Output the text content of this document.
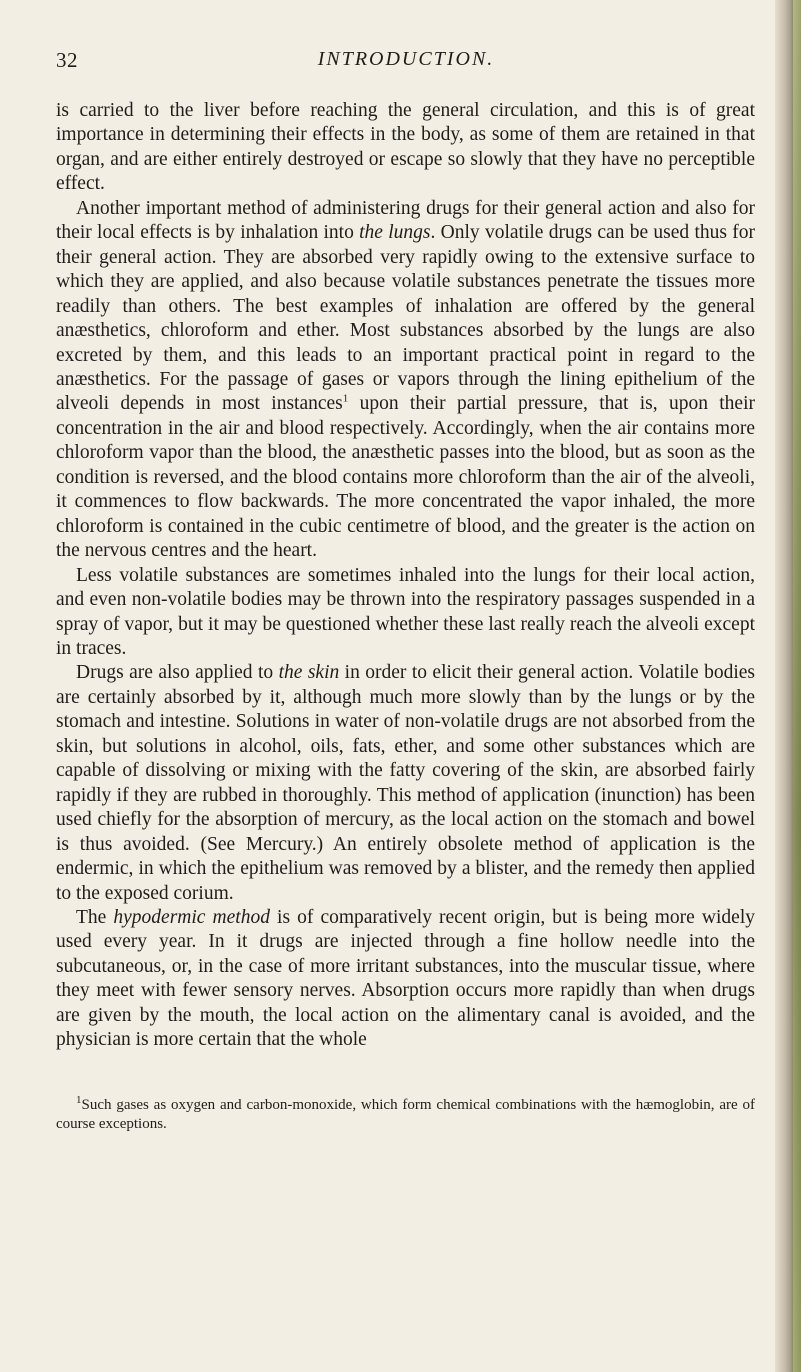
32	INTRODUCTION.

is carried to the liver before reaching the general circulation, and this is of great importance in determining their effects in the body, as some of them are retained in that organ, and are either entirely destroyed or escape so slowly that they have no perceptible effect.

Another important method of administering drugs for their general action and also for their local effects is by inhalation into the lungs. Only volatile drugs can be used thus for their general action. They are absorbed very rapidly owing to the extensive surface to which they are applied, and also because volatile substances penetrate the tissues more readily than others. The best examples of inhalation are offered by the general anæsthetics, chloroform and ether. Most substances absorbed by the lungs are also excreted by them, and this leads to an important practical point in regard to the anæsthetics. For the passage of gases or vapors through the lining epithelium of the alveoli depends in most instances$^1$ upon their partial pressure, that is, upon their concentration in the air and blood respectively. Accordingly, when the air contains more chloroform vapor than the blood, the anæsthetic passes into the blood, but as soon as the condition is reversed, and the blood contains more chloroform than the air of the alveoli, it commences to flow backwards. The more concentrated the vapor inhaled, the more chloroform is contained in the cubic centimetre of blood, and the greater is the action on the nervous centres and the heart.

Less volatile substances are sometimes inhaled into the lungs for their local action, and even non-volatile bodies may be thrown into the respiratory passages suspended in a spray of vapor, but it may be questioned whether these last really reach the alveoli except in traces.

Drugs are also applied to the skin in order to elicit their general action. Volatile bodies are certainly absorbed by it, although much more slowly than by the lungs or by the stomach and intestine. Solutions in water of non-volatile drugs are not absorbed from the skin, but solutions in alcohol, oils, fats, ether, and some other substances which are capable of dissolving or mixing with the fatty covering of the skin, are absorbed fairly rapidly if they are rubbed in thoroughly. This method of application (inunction) has been used chiefly for the absorption of mercury, as the local action on the stomach and bowel is thus avoided. (See Mercury.) An entirely obsolete method of application is the endermic, in which the epithelium was removed by a blister, and the remedy then applied to the exposed corium.

The hypodermic method is of comparatively recent origin, but is being more widely used every year. In it drugs are injected through a fine hollow needle into the subcutaneous, or, in the case of more irritant substances, into the muscular tissue, where they meet with fewer sensory nerves. Absorption occurs more rapidly than when drugs are given by the mouth, the local action on the alimentary canal is avoided, and the physician is more certain that the whole

$^1$Such gases as oxygen and carbon-monoxide, which form chemical combinations with the hæmoglobin, are of course exceptions.
